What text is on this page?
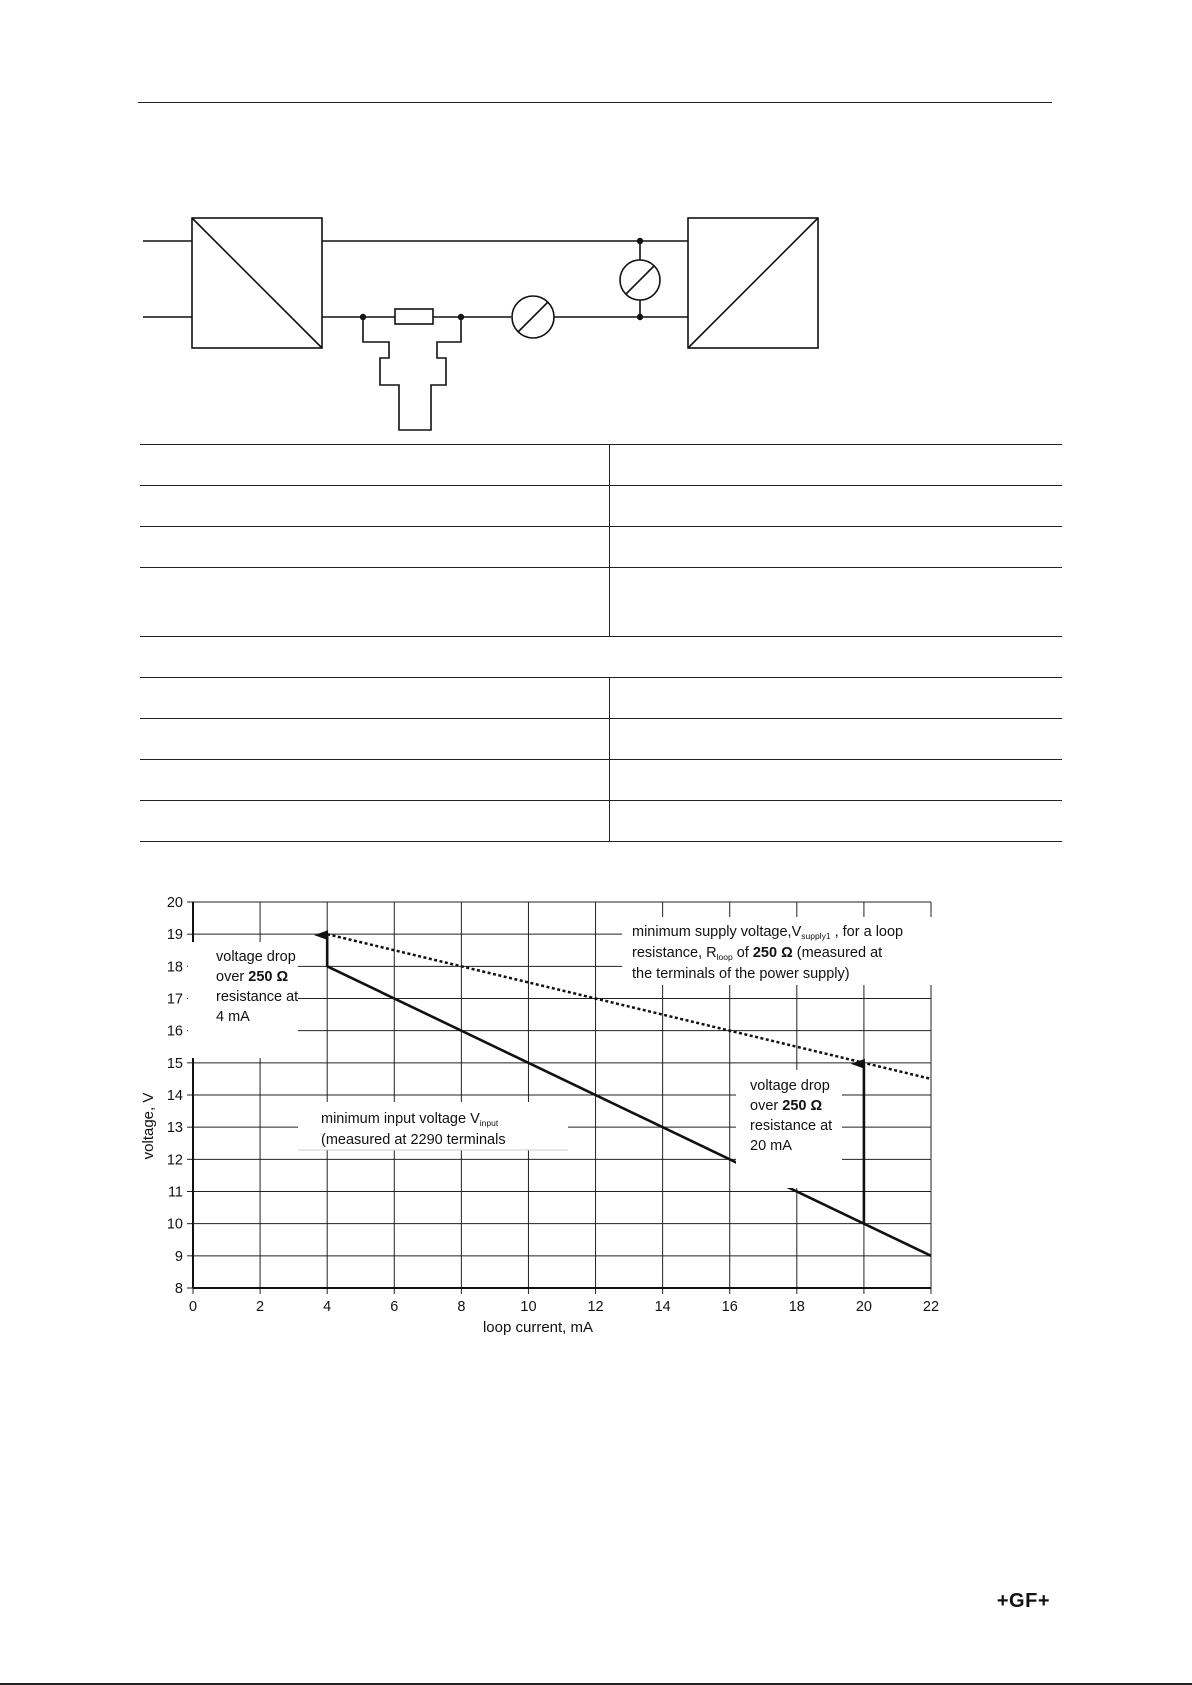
0	2	4	6	8	10	12	14	16	18	20	22
8
9
10
11
12
13
14
15
16
17
18
19
20
minimum supply $voltage,V_{supply1}$ , for a loop
resistance, $R_{loop}$ of 250 Ω (measured at
the terminals of the power supply)
voltage drop
over 250 Ω
resistance at
4 mA
voltage drop
over 250 Ω
resistance at
20 mA
minimum input voltage $V_{input}$
(measured at 2290 terminals
loop current, mA
voltage, V
+GF+
